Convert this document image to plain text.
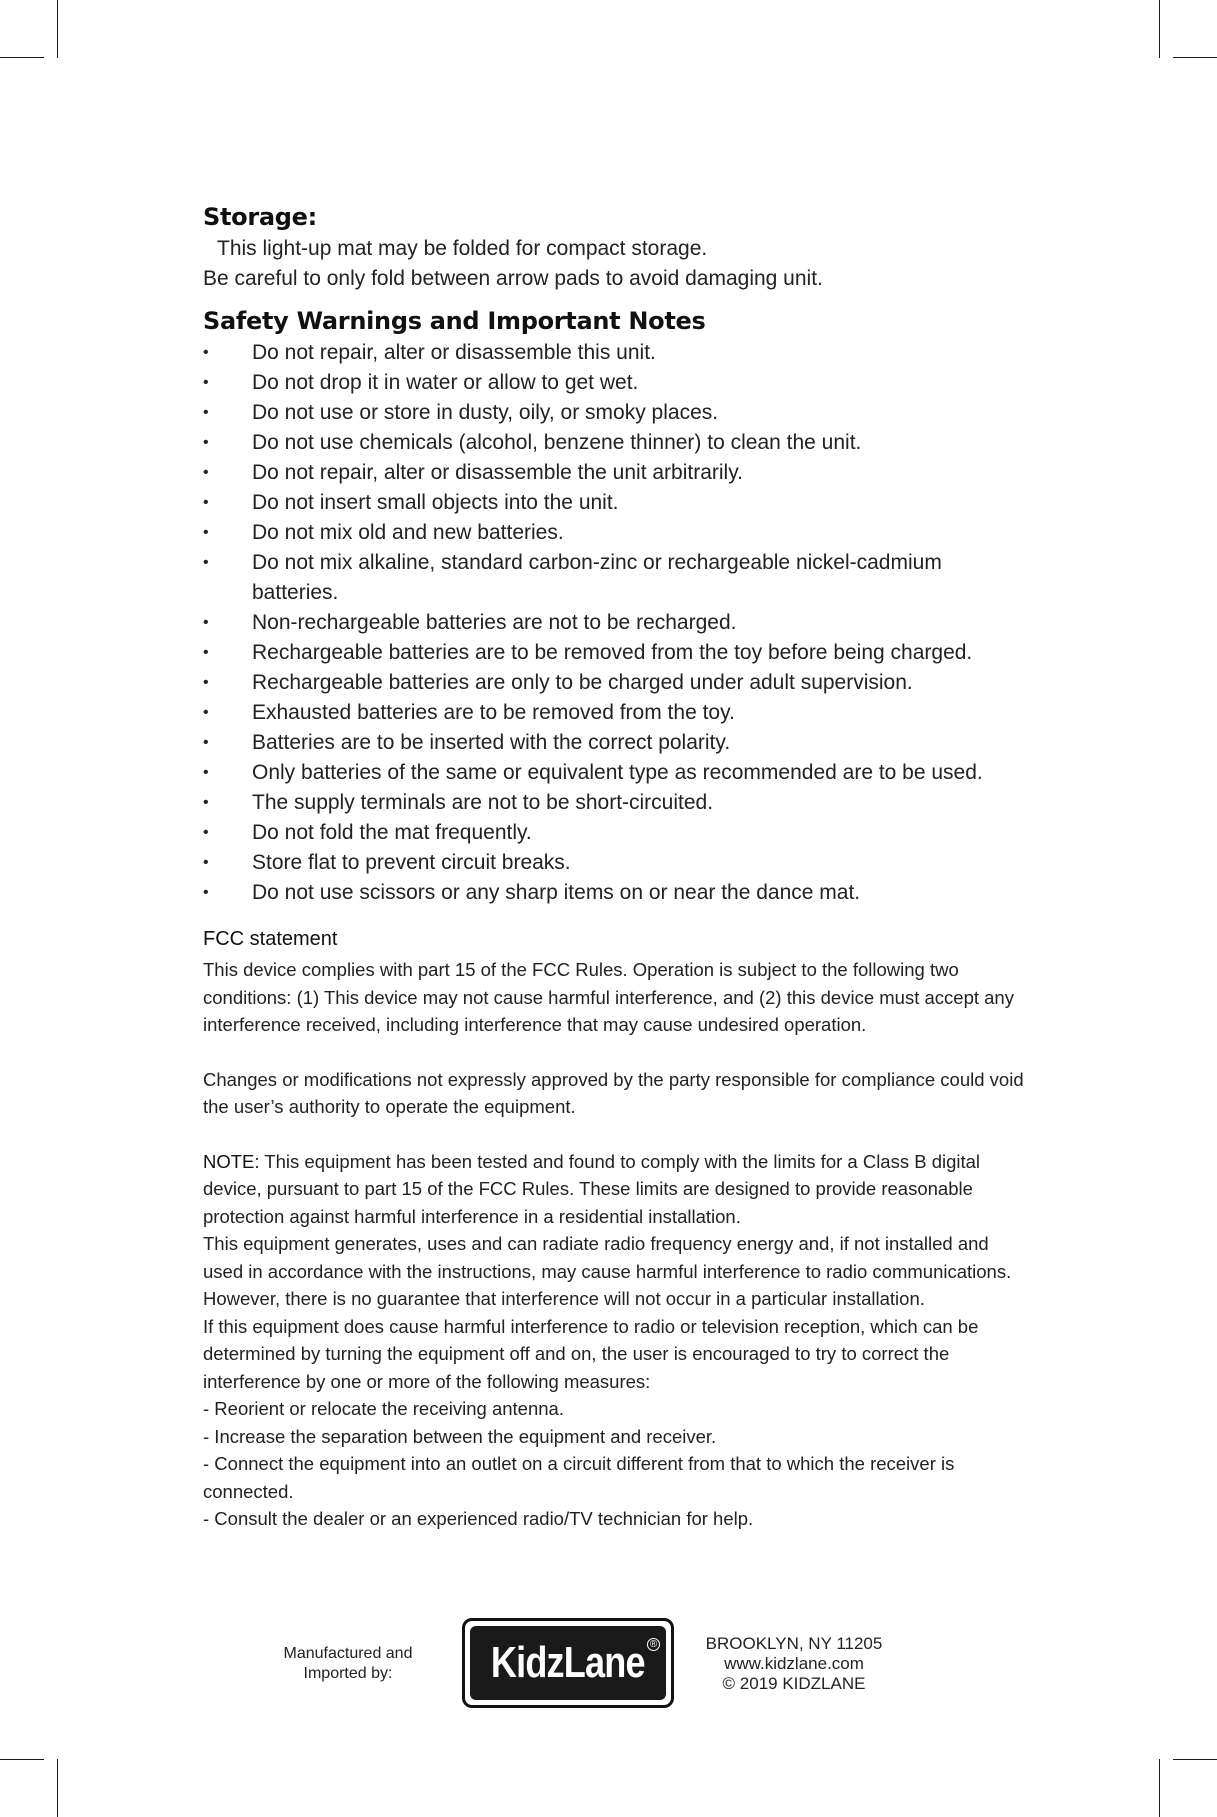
Storage:

This light-up mat may be folded for compact storage.

Be careful to only fold between arrow pads to avoid damaging unit.

Safety Warnings and Important Notes
•	Do not repair, alter or disassemble this unit.
•	Do not drop it in water or allow to get wet.
•	Do not use or store in dusty, oily, or smoky places.
•	Do not use chemicals (alcohol, benzene thinner) to clean the unit.
•	Do not repair, alter or disassemble the unit arbitrarily.
•	Do not insert small objects into the unit.
•	Do not mix old and new batteries.
•	Do not mix alkaline, standard carbon-zinc or rechargeable nickel-cadmium batteries.
•	Non-rechargeable batteries are not to be recharged.
•	Rechargeable batteries are to be removed from the toy before being charged.
•	Rechargeable batteries are only to be charged under adult supervision.
•	Exhausted batteries are to be removed from the toy.
•	Batteries are to be inserted with the correct polarity.
•	Only batteries of the same or equivalent type as recommended are to be used.
•	The supply terminals are not to be short-circuited.
•	Do not fold the mat frequently.
•	Store flat to prevent circuit breaks.
•	Do not use scissors or any sharp items on or near the dance mat.
FCC statement

This device complies with part 15 of the FCC Rules. Operation is subject to the following two conditions: (1) This device may not cause harmful interference, and (2) this device must accept any interference received, including interference that may cause undesired operation.

Changes or modifications not expressly approved by the party responsible for compliance could void the user’s authority to operate the equipment.

NOTE: This equipment has been tested and found to comply with the limits for a Class B digital device, pursuant to part 15 of the FCC Rules. These limits are designed to provide reasonable protection against harmful interference in a residential installation.

This equipment generates, uses and can radiate radio frequency energy and, if not installed and used in accordance with the instructions, may cause harmful interference to radio communications. However, there is no guarantee that interference will not occur in a particular installation.

If this equipment does cause harmful interference to radio or television reception, which can be determined by turning the equipment off and on, the user is encouraged to try to correct the interference by one or more of the following measures:

- Reorient or relocate the receiving antenna.

- Increase the separation between the equipment and receiver.

- Connect the equipment into an outlet on a circuit different from that to which the receiver is connected.

- Consult the dealer or an experienced radio/TV technician for help.

Manufactured and
Imported by:	KidzLane ®	BROOKLYN, NY 11205
www.kidzlane.com
© 2019 KIDZLANE
